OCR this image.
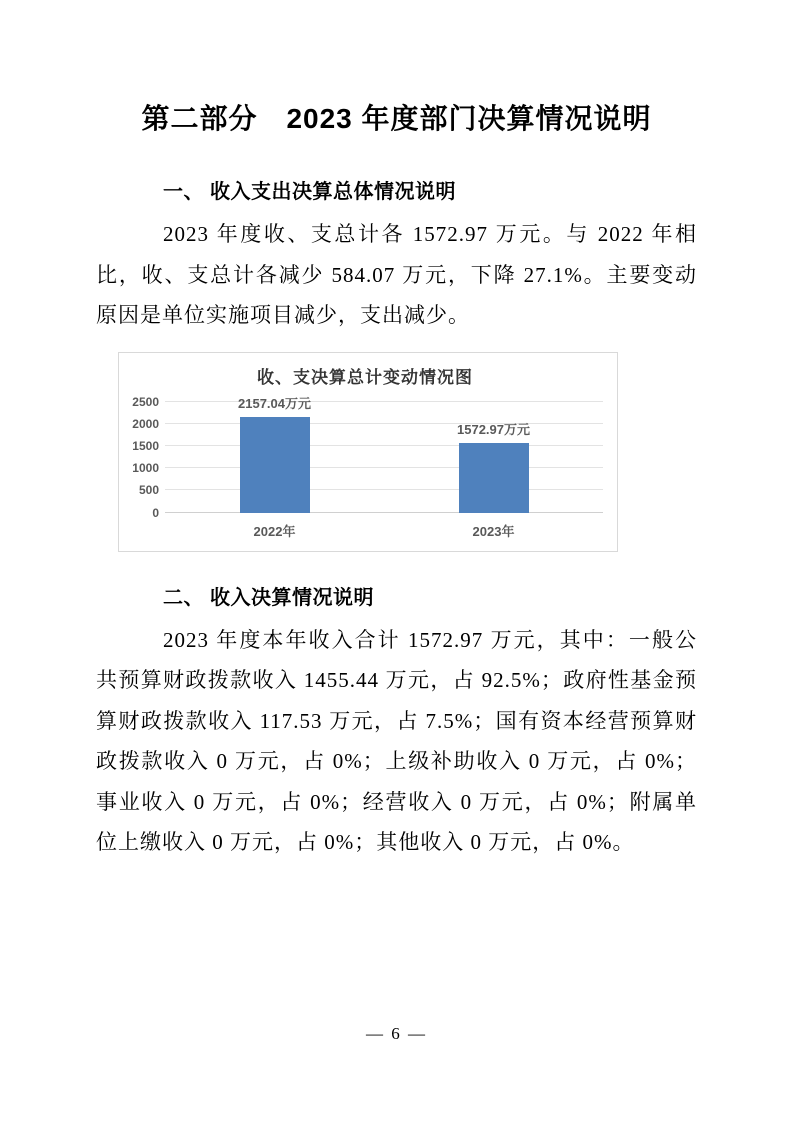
第二部分　2023 年度部门决算情况说明
一、 收入支出决算总体情况说明

2023 年度收、支总计各 1572.97 万元。与 2022 年相比，收、支总计各减少 584.07 万元，下降 27.1%。主要变动原因是单位实施项目减少，支出减少。

收、支决算总计变动情况图
0
500
1000
1500
2000
2500	2157.04万元
1572.97万元
2022年	2023年
二、 收入决算情况说明

2023 年度本年收入合计 1572.97 万元，其中：一般公共预算财政拨款收入 1455.44 万元，占 92.5%；政府性基金预算财政拨款收入 117.53 万元，占 7.5%；国有资本经营预算财政拨款收入 0 万元，占 0%；上级补助收入 0 万元，占 0%；事业收入 0 万元，占 0%；经营收入 0 万元，占 0%；附属单位上缴收入 0 万元，占 0%；其他收入 0 万元，占 0%。

— 6 —
